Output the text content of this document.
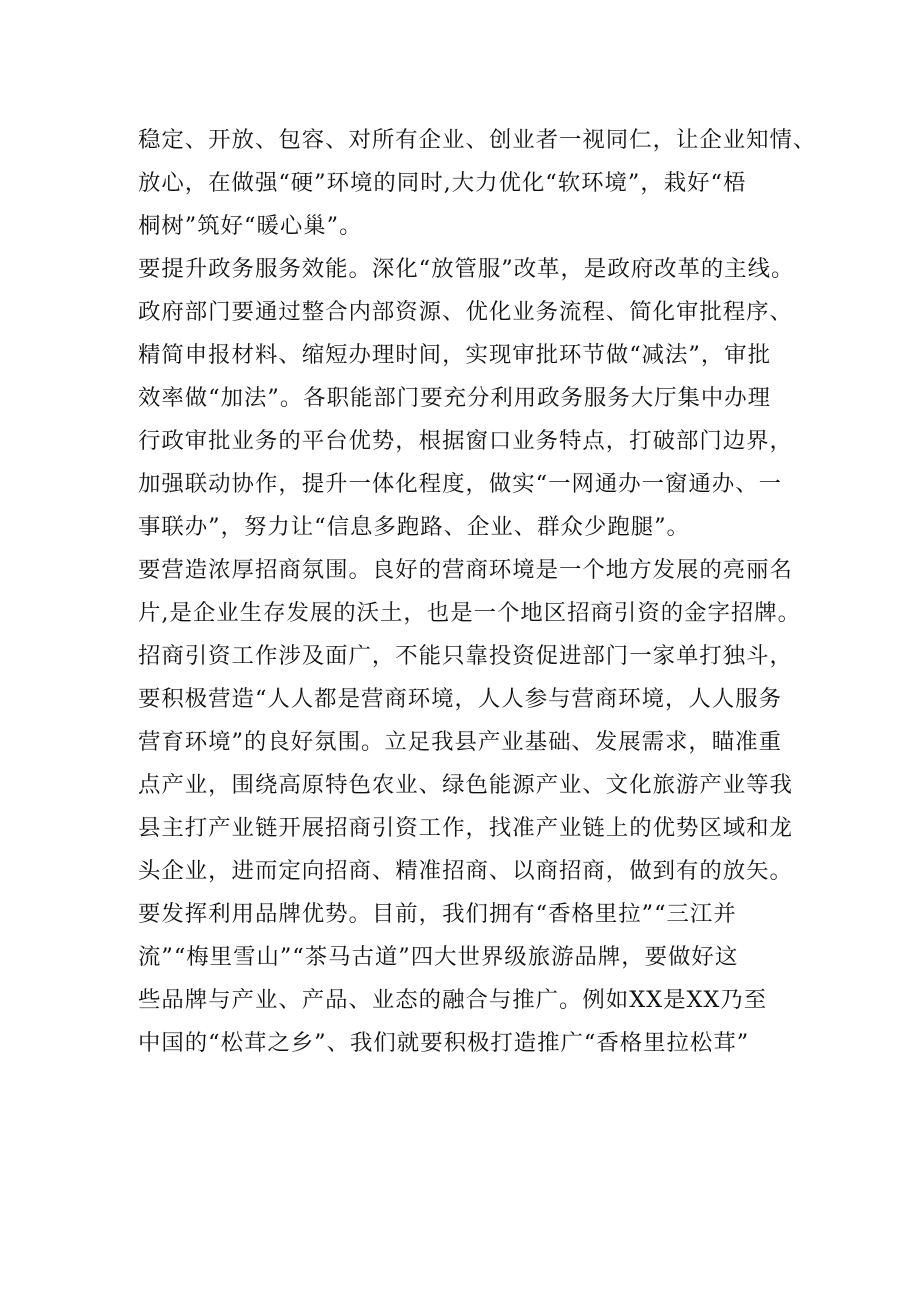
稳定、开放、包容、对所有企业、创业者一视同仁，让企业知情、
放心，在做强“硬”环境的同时,大力优化“软环境”，栽好“梧
桐树”筑好“暖心巢”。
要提升政务服务效能。深化“放管服”改革，是政府改革的主线。
政府部门要通过整合内部资源、优化业务流程、简化审批程序、
精简申报材料、缩短办理时间，实现审批环节做“减法”，审批
效率做“加法”。各职能部门要充分利用政务服务大厅集中办理
行政审批业务的平台优势，根据窗口业务特点，打破部门边界，
加强联动协作，提升一体化程度，做实“一网通办一窗通办、一
事联办”，努力让“信息多跑路、企业、群众少跑腿”。
要营造浓厚招商氛围。良好的营商环境是一个地方发展的亮丽名
片,是企业生存发展的沃土，也是一个地区招商引资的金字招牌。
招商引资工作涉及面广，不能只靠投资促进部门一家单打独斗，
要积极营造“人人都是营商环境，人人参与营商环境，人人服务
营育环境”的良好氛围。立足我县产业基础、发展需求，瞄准重
点产业，围绕高原特色农业、绿色能源产业、文化旅游产业等我
县主打产业链开展招商引资工作，找准产业链上的优势区域和龙
头企业，进而定向招商、精准招商、以商招商，做到有的放矢。
要发挥利用品牌优势。目前，我们拥有“香格里拉”“三江并
流”“梅里雪山”“茶马古道”四大世界级旅游品牌，要做好这
些品牌与产业、产品、业态的融合与推广。例如XX是XX乃至
中国的“松茸之乡”、我们就要积极打造推广“香格里拉松茸”
